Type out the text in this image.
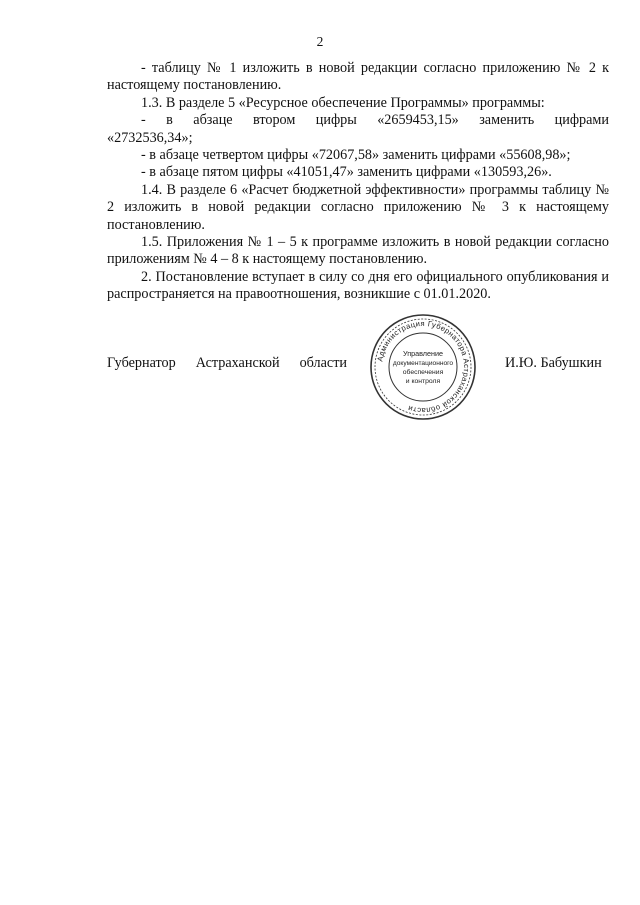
2

- таблицу № 1 изложить в новой редакции согласно приложению № 2 к настоящему постановлению.

1.3. В разделе 5 «Ресурсное обеспечение Программы» программы:

- в абзаце втором цифры «2659453,15» заменить цифрами

«2732536,34»;

- в абзаце четвертом цифры «72067,58» заменить цифрами «55608,98»;

- в абзаце пятом цифры «41051,47» заменить цифрами «130593,26».

1.4. В разделе 6 «Расчет бюджетной эффективности» программы таблицу № 2 изложить в новой редакции согласно приложению № 3 к настоящему постановлению.

1.5. Приложения № 1 – 5 к программе изложить в новой редакции согласно приложениям № 4 – 8 к настоящему постановлению.

2. Постановление вступает в силу со дня его официального опубликования и распространяется на правоотношения, возникшие с 01.01.2020.

Губернатор Астраханской области	Администрация Губернатора Астраханской области
Управление
документационного
обеспечения
и контроля
И.Ю. Бабушкин
